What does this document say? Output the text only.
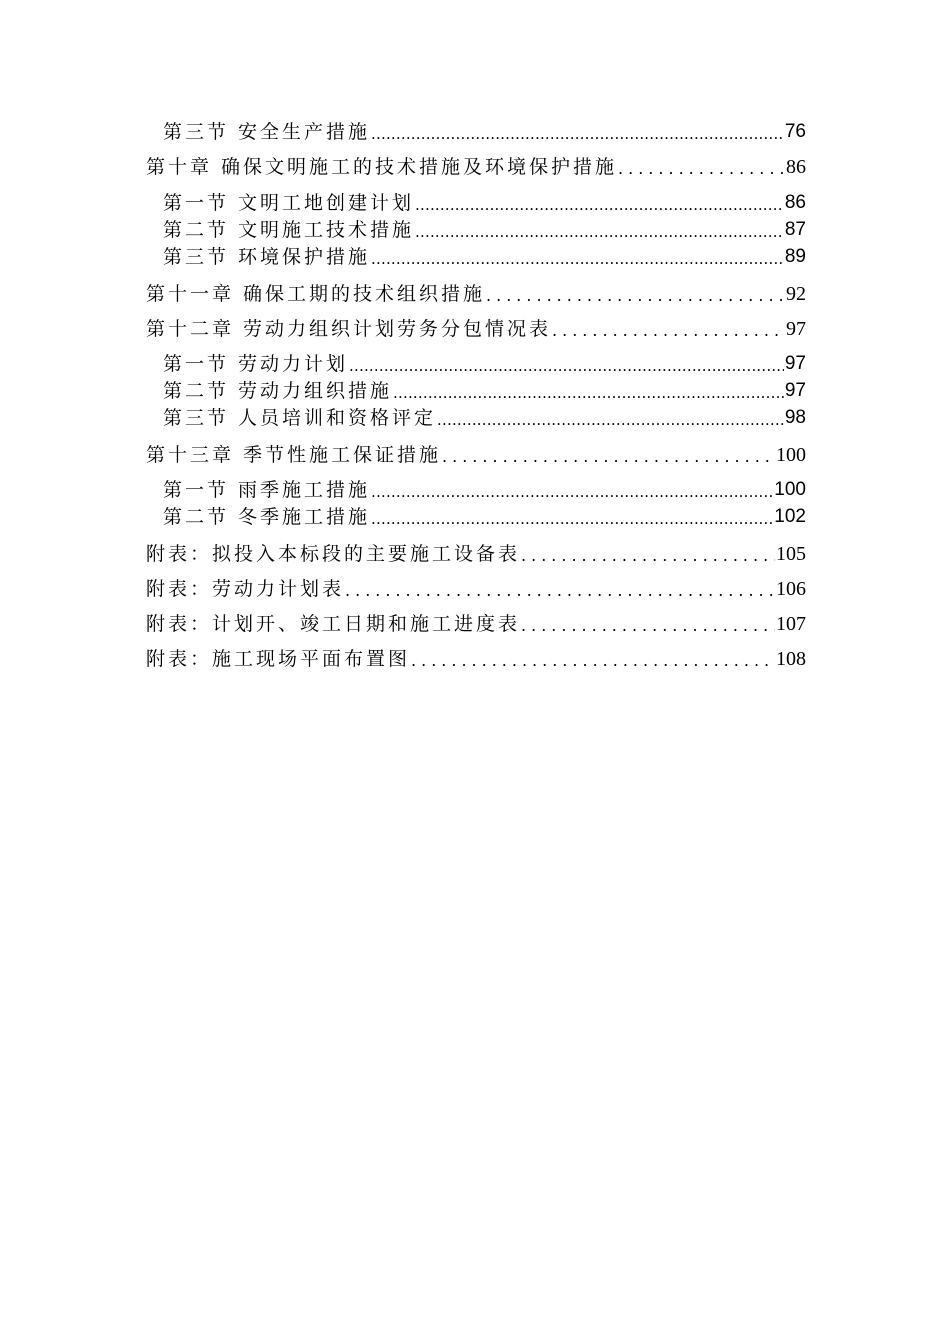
第三节 安全生产措施 .....	76
第十章 确保文明施工的技术措施及环境保护措施 .....	86
第一节 文明工地创建计划 .....	86
第二节 文明施工技术措施 .....	87
第三节 环境保护措施 .....	89
第十一章 确保工期的技术组织措施 .....	92
第十二章 劳动力组织计划劳务分包情况表 .....	97
第一节 劳动力计划 .....	97
第二节 劳动力组织措施 .....	97
第三节 人员培训和资格评定 .....	98
第十三章 季节性施工保证措施 .....	100
第一节 雨季施工措施 .....	100
第二节 冬季施工措施 .....	102
附表：拟投入本标段的主要施工设备表 .....	105
附表：劳动力计划表 .....	106
附表：计划开、竣工日期和施工进度表 .....	107
附表：施工现场平面布置图 .....	108
